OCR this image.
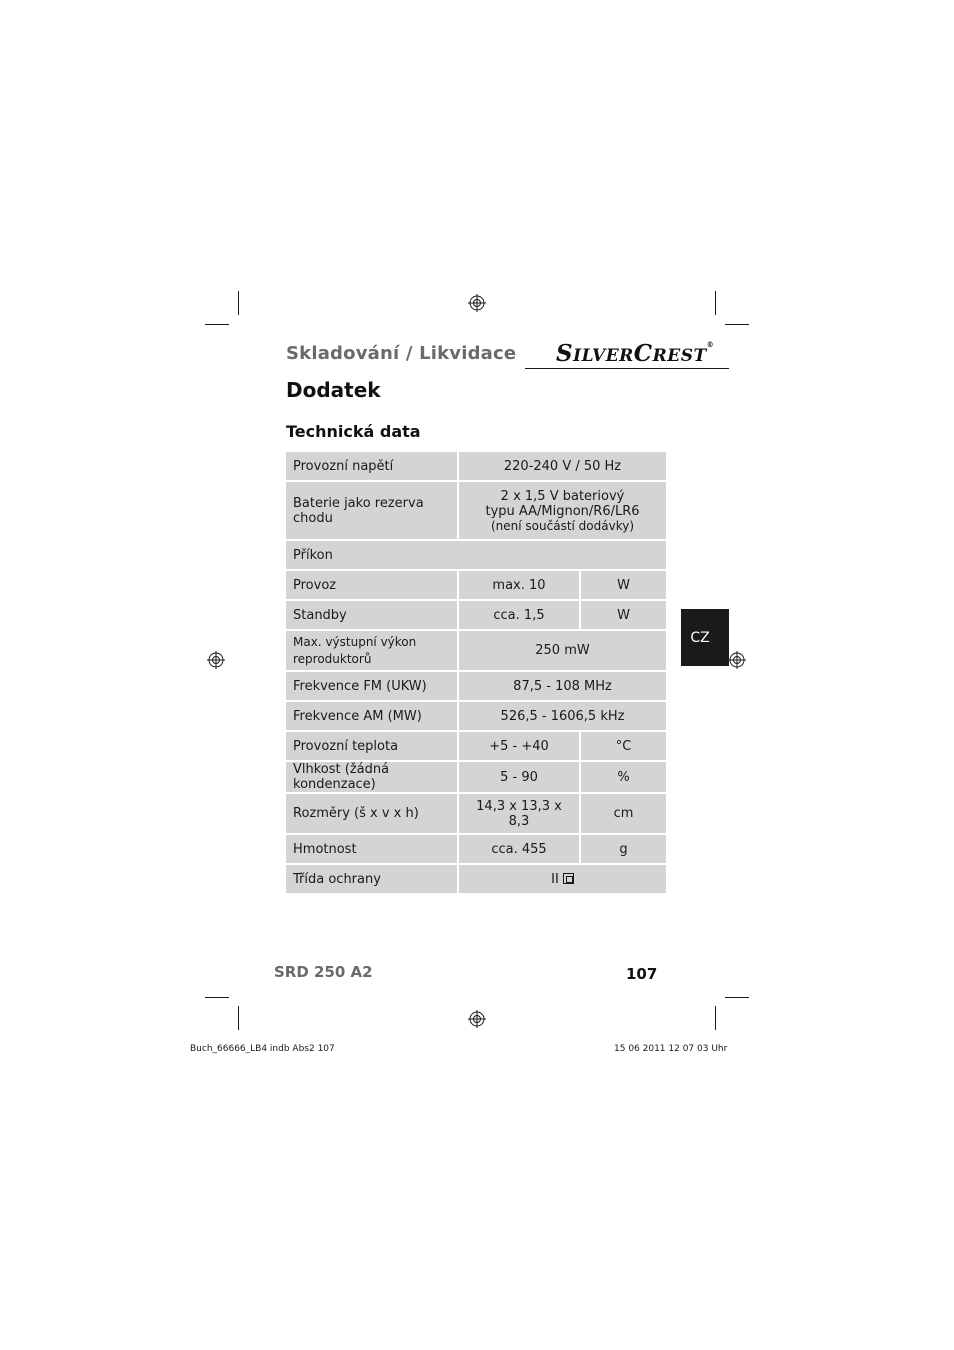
Skladování / Likvidace SILVERCREST®
Dodatek
Technická data
CZ
Provozní napětí	220-240 V / 50 Hz	
Baterie jako rezerva chodu	2 x 1,5 V bateriový
typu AA/Mignon/R6/LR6
(není součástí dodávky)	

Příkon		
Provoz	max. 10	W
Standby	cca. 1,5	W

Max. výstupní výkon
reproduktorů	250 mW	
Frekvence FM (UKW)	87,5 - 108 MHz	
Frekvence AM (MW)	526,5 - 1606,5 kHz	
Provozní teplota	+5 - +40	°C
Vlhkost (žádná kondenzace)	5 - 90	%
Rozměry (š x v x h)	14,3 x 13,3 x 8,3	cm
Hmotnost	cca. 455	g
Třída ochrany	II	
SRD 250 A2	107
Buch_66666_LB4 indb Abs2 107	15 06 2011 12 07 03 Uhr
